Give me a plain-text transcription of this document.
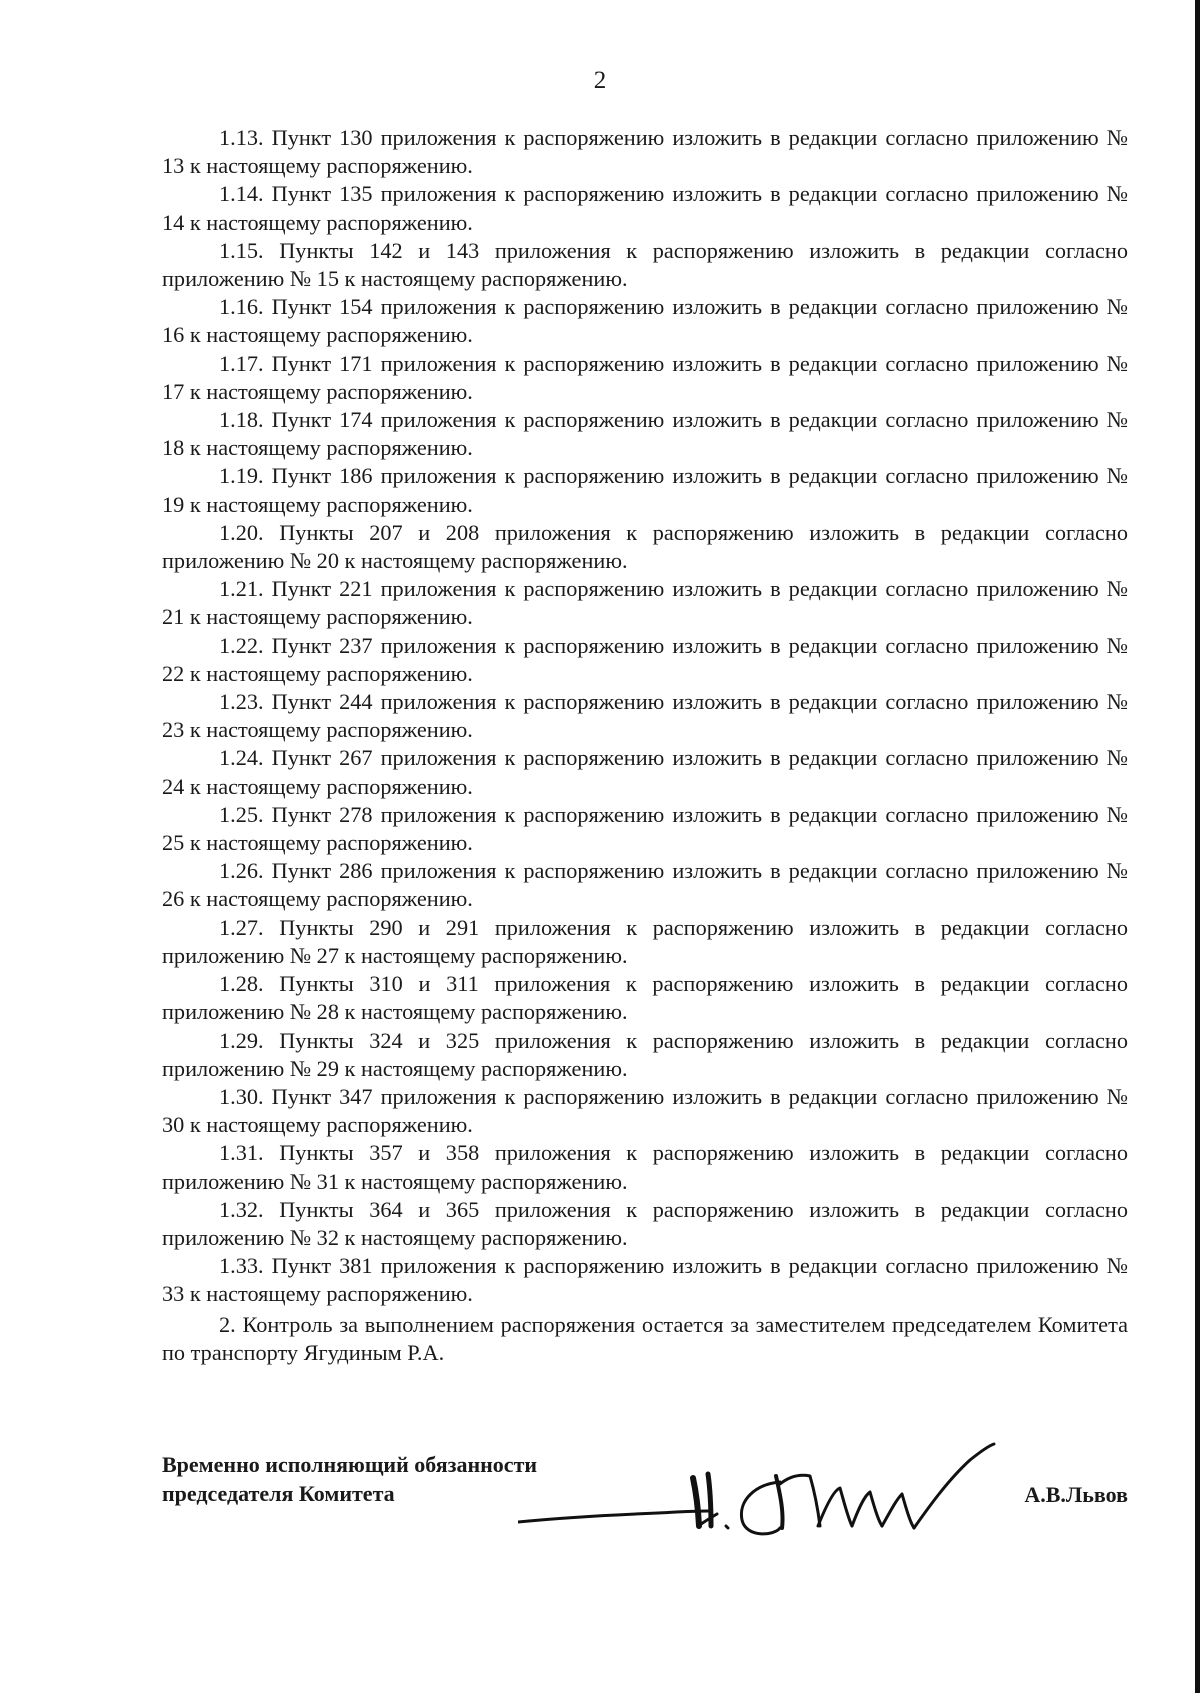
2

1.13. Пункт 130 приложения к распоряжению изложить в редакции согласно приложению № 13 к настоящему распоряжению.

1.14. Пункт 135 приложения к распоряжению изложить в редакции согласно приложению № 14 к настоящему распоряжению.

1.15. Пункты 142 и 143 приложения к распоряжению изложить в редакции согласно приложению № 15 к настоящему распоряжению.

1.16. Пункт 154 приложения к распоряжению изложить в редакции согласно приложению № 16 к настоящему распоряжению.

1.17. Пункт 171 приложения к распоряжению изложить в редакции согласно приложению № 17 к настоящему распоряжению.

1.18. Пункт 174 приложения к распоряжению изложить в редакции согласно приложению № 18 к настоящему распоряжению.

1.19. Пункт 186 приложения к распоряжению изложить в редакции согласно приложению № 19 к настоящему распоряжению.

1.20. Пункты 207 и 208 приложения к распоряжению изложить в редакции согласно приложению № 20 к настоящему распоряжению.

1.21. Пункт 221 приложения к распоряжению изложить в редакции согласно приложению № 21 к настоящему распоряжению.

1.22. Пункт 237 приложения к распоряжению изложить в редакции согласно приложению № 22 к настоящему распоряжению.

1.23. Пункт 244 приложения к распоряжению изложить в редакции согласно приложению № 23 к настоящему распоряжению.

1.24. Пункт 267 приложения к распоряжению изложить в редакции согласно приложению № 24 к настоящему распоряжению.

1.25. Пункт 278 приложения к распоряжению изложить в редакции согласно приложению № 25 к настоящему распоряжению.

1.26. Пункт 286 приложения к распоряжению изложить в редакции согласно приложению № 26 к настоящему распоряжению.

1.27. Пункты 290 и 291 приложения к распоряжению изложить в редакции согласно приложению № 27 к настоящему распоряжению.

1.28. Пункты 310 и 311 приложения к распоряжению изложить в редакции согласно приложению № 28 к настоящему распоряжению.

1.29. Пункты 324 и 325 приложения к распоряжению изложить в редакции согласно приложению № 29 к настоящему распоряжению.

1.30. Пункт 347 приложения к распоряжению изложить в редакции согласно приложению № 30 к настоящему распоряжению.

1.31. Пункты 357 и 358 приложения к распоряжению изложить в редакции согласно приложению № 31 к настоящему распоряжению.

1.32. Пункты 364 и 365 приложения к распоряжению изложить в редакции согласно приложению № 32 к настоящему распоряжению.

1.33. Пункт 381 приложения к распоряжению изложить в редакции согласно приложению № 33 к настоящему распоряжению.

2. Контроль за выполнением распоряжения остается за заместителем председателем Комитета по транспорту Ягудиным Р.А.

Временно исполняющий обязанности
председателя Комитета	А.В.Львов
